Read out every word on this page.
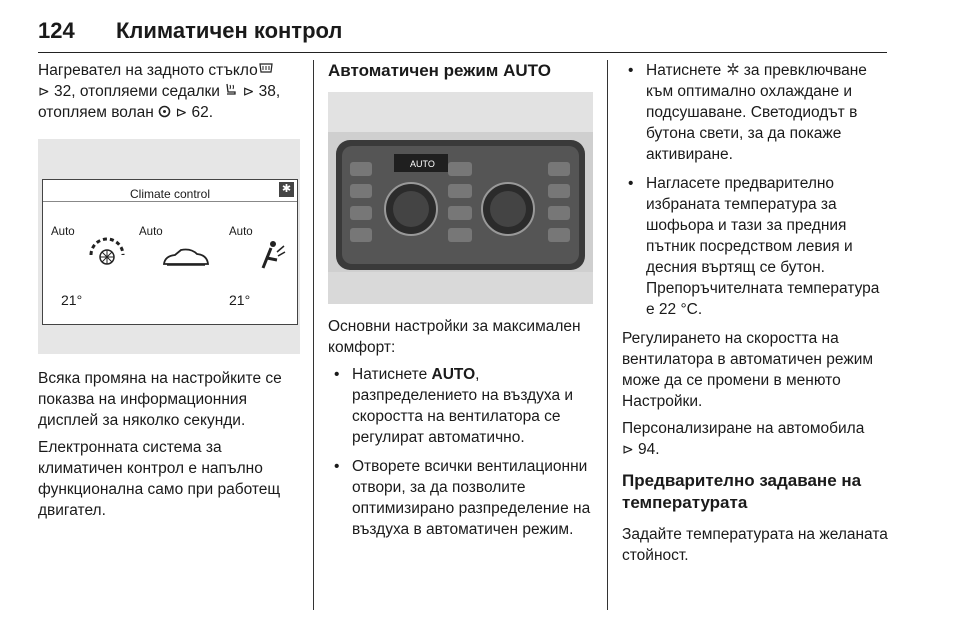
124 Климатичен контрол

Нагревател на задното стъкло
⊳ 32, отопляеми седалки  ⊳ 38,
отопляем волан  ⊳ 62.

Climate control	✱
Auto	Auto	Auto
21°	21°

Всяка промяна на настройките се показва на информационния дисплей за няколко секунди.

Електронната система за климатичен контрол е напълно функционална само при работещ двигател.

Автоматичен режим AUTO
AUTO

Основни настройки за максимален комфорт:

• Натиснете AUTO, разпределението на въздуха и скоростта на вентилатора се регулират автоматично.
• Отворете всички вентилационни отвори, за да позволите оптимизирано разпределение на въздуха в автоматичен режим.
• Натиснете  за превключване към оптимално охлаждане и подсушаване. Светодиодът в бутона свети, за да покаже активиране.
• Нагласете предварително избраната температура за шофьора и тази за предния пътник посредством левия и десния въртящ се бутон. Препоръчителната температура е 22 °C.

Регулирането на скоростта на вентилатора в автоматичен режим може да се промени в менюто Настройки.

Персонализиране на автомобила
⊳ 94.

Предварително задаване на температурата

Задайте температурата на желаната стойност.
